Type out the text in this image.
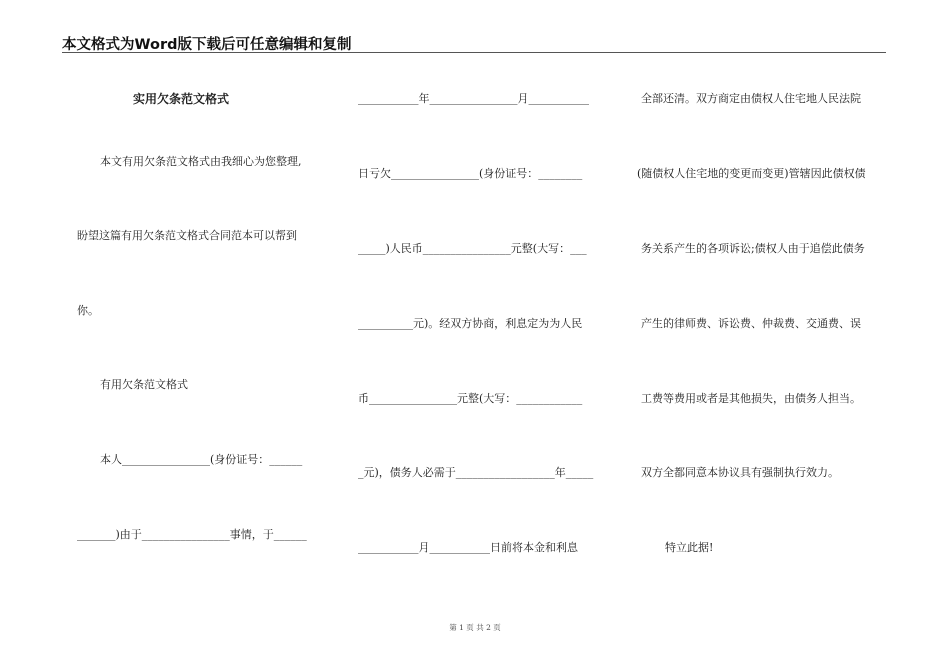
本文格式为Word版下载后可任意编辑和复制
实用欠条范文格式
本文有用欠条范文格式由我细心为您整理,
盼望这篇有用欠条范文格式合同范本可以帮到
你。
有用欠条范文格式
本人________________(身份证号：______
_______)由于________________事情，于______
___________年________________月___________
日亏欠________________(身份证号：________
_____)人民币________________元整(大写：___
__________元)。经双方协商，利息定为为人民
币________________元整(大写：____________
_元)，债务人必需于__________________年_____
___________月___________日前将本金和利息
全部还清。双方商定由债权人住宅地人民法院
(随债权人住宅地的变更而变更)管辖因此债权债
务关系产生的各项诉讼;债权人由于追偿此债务
产生的律师费、诉讼费、仲裁费、交通费、误
工费等费用或者是其他损失，由债务人担当。
双方全都同意本协议具有强制执行效力。
特立此据!
第 1 页 共 2 页
